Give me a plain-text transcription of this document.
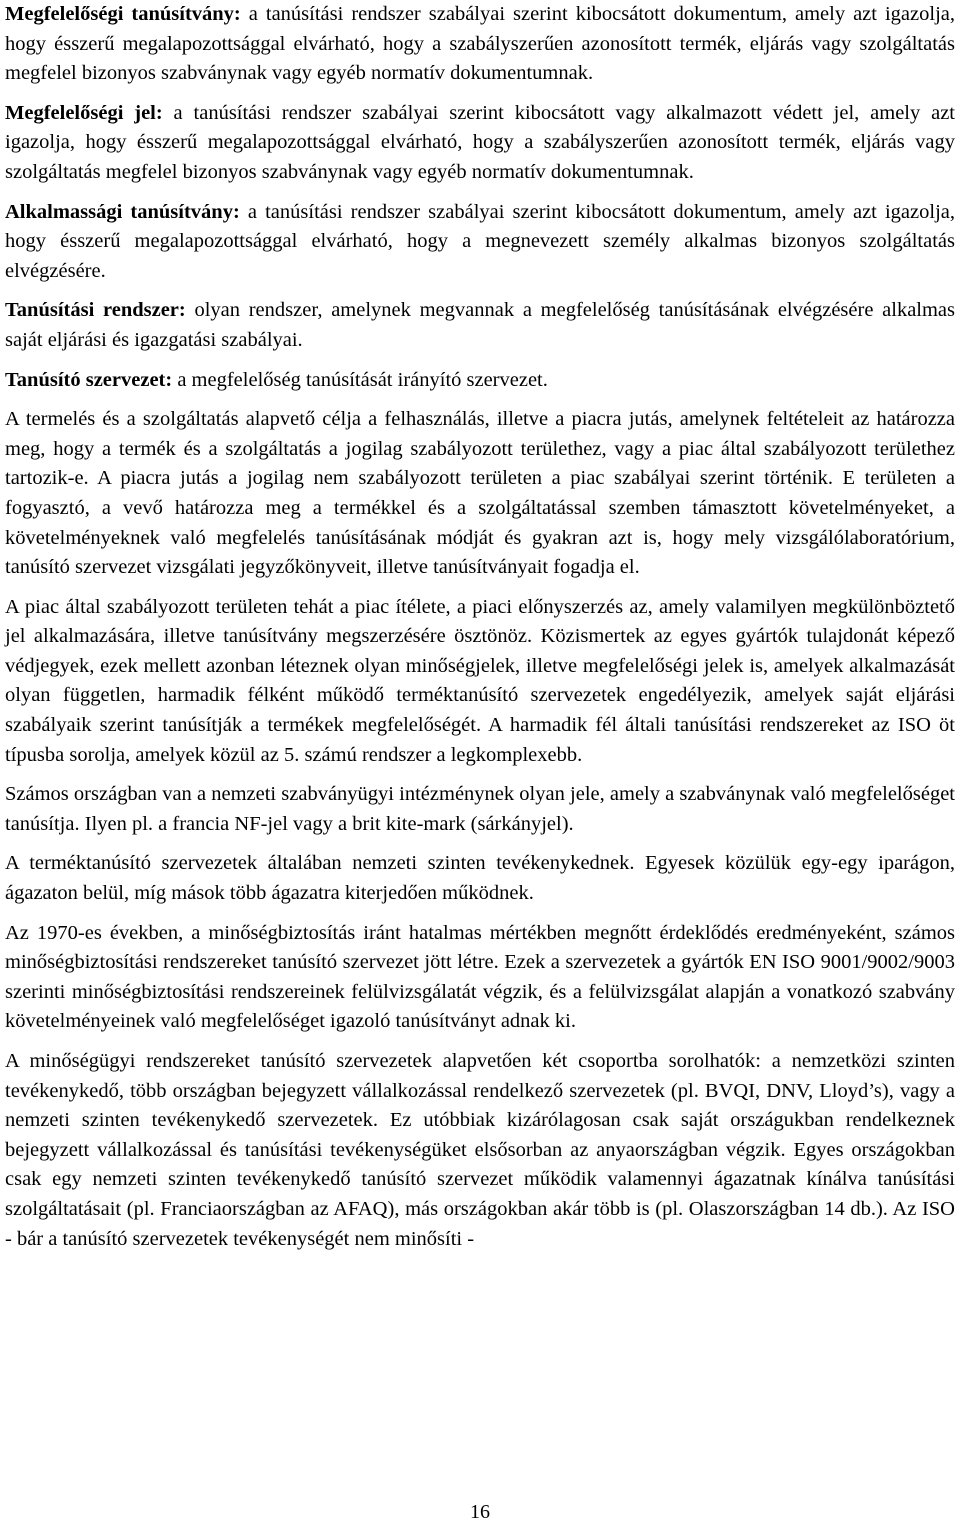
Megfelelőségi tanúsítvány: a tanúsítási rendszer szabályai szerint kibocsátott dokumentum, amely azt igazolja, hogy ésszerű megalapozottsággal elvárható, hogy a szabályszerűen azonosított termék, eljárás vagy szolgáltatás megfelel bizonyos szabványnak vagy egyéb normatív dokumentumnak.

Megfelelőségi jel: a tanúsítási rendszer szabályai szerint kibocsátott vagy alkalmazott védett jel, amely azt igazolja, hogy ésszerű megalapozottsággal elvárható, hogy a szabályszerűen azonosított termék, eljárás vagy szolgáltatás megfelel bizonyos szabványnak vagy egyéb normatív dokumentumnak.

Alkalmassági tanúsítvány: a tanúsítási rendszer szabályai szerint kibocsátott dokumentum, amely azt igazolja, hogy ésszerű megalapozottsággal elvárható, hogy a megnevezett személy alkalmas bizonyos szolgáltatás elvégzésére.

Tanúsítási rendszer: olyan rendszer, amelynek megvannak a megfelelőség tanúsításának elvégzésére alkalmas saját eljárási és igazgatási szabályai.

Tanúsító szervezet: a megfelelőség tanúsítását irányító szervezet.

A termelés és a szolgáltatás alapvető célja a felhasználás, illetve a piacra jutás, amelynek feltételeit az határozza meg, hogy a termék és a szolgáltatás a jogilag szabályozott területhez, vagy a piac által szabályozott területhez tartozik-e. A piacra jutás a jogilag nem szabályozott területen a piac szabályai szerint történik. E területen a fogyasztó, a vevő határozza meg a termékkel és a szolgáltatással szemben támasztott követelményeket, a követelményeknek való megfelelés tanúsításának módját és gyakran azt is, hogy mely vizsgálólaboratórium, tanúsító szervezet vizsgálati jegyzőkönyveit, illetve tanúsítványait fogadja el.

A piac által szabályozott területen tehát a piac ítélete, a piaci előnyszerzés az, amely valamilyen megkülönböztető jel alkalmazására, illetve tanúsítvány megszerzésére ösztönöz. Közismertek az egyes gyártók tulajdonát képező védjegyek, ezek mellett azonban léteznek olyan minőségjelek, illetve megfelelőségi jelek is, amelyek alkalmazását olyan független, harmadik félként működő terméktanúsító szervezetek engedélyezik, amelyek saját eljárási szabályaik szerint tanúsítják a termékek megfelelőségét. A harmadik fél általi tanúsítási rendszereket az ISO öt típusba sorolja, amelyek közül az 5. számú rendszer a legkomplexebb.

Számos országban van a nemzeti szabványügyi intézménynek olyan jele, amely a szabványnak való megfelelőséget tanúsítja. Ilyen pl. a francia NF-jel vagy a brit kite-mark (sárkányjel).

A terméktanúsító szervezetek általában nemzeti szinten tevékenykednek. Egyesek közülük egy-egy iparágon, ágazaton belül, míg mások több ágazatra kiterjedően működnek.

Az 1970-es években, a minőségbiztosítás iránt hatalmas mértékben megnőtt érdeklődés eredményeként, számos minőségbiztosítási rendszereket tanúsító szervezet jött létre. Ezek a szervezetek a gyártók EN ISO 9001/9002/9003 szerinti minőségbiztosítási rendszereinek felülvizsgálatát végzik, és a felülvizsgálat alapján a vonatkozó szabvány követelményeinek való megfelelőséget igazoló tanúsítványt adnak ki.

A minőségügyi rendszereket tanúsító szervezetek alapvetően két csoportba sorolhatók: a nemzetközi szinten tevékenykedő, több országban bejegyzett vállalkozással rendelkező szervezetek (pl. BVQI, DNV, Lloyd’s), vagy a nemzeti szinten tevékenykedő szervezetek. Ez utóbbiak kizárólagosan csak saját országukban rendelkeznek bejegyzett vállalkozással és tanúsítási tevékenységüket elsősorban az anyaországban végzik. Egyes országokban csak egy nemzeti szinten tevékenykedő tanúsító szervezet működik valamennyi ágazatnak kínálva tanúsítási szolgáltatásait (pl. Franciaországban az AFAQ), más országokban akár több is (pl. Olaszországban 14 db.). Az ISO - bár a tanúsító szervezetek tevékenységét nem minősíti -

16
